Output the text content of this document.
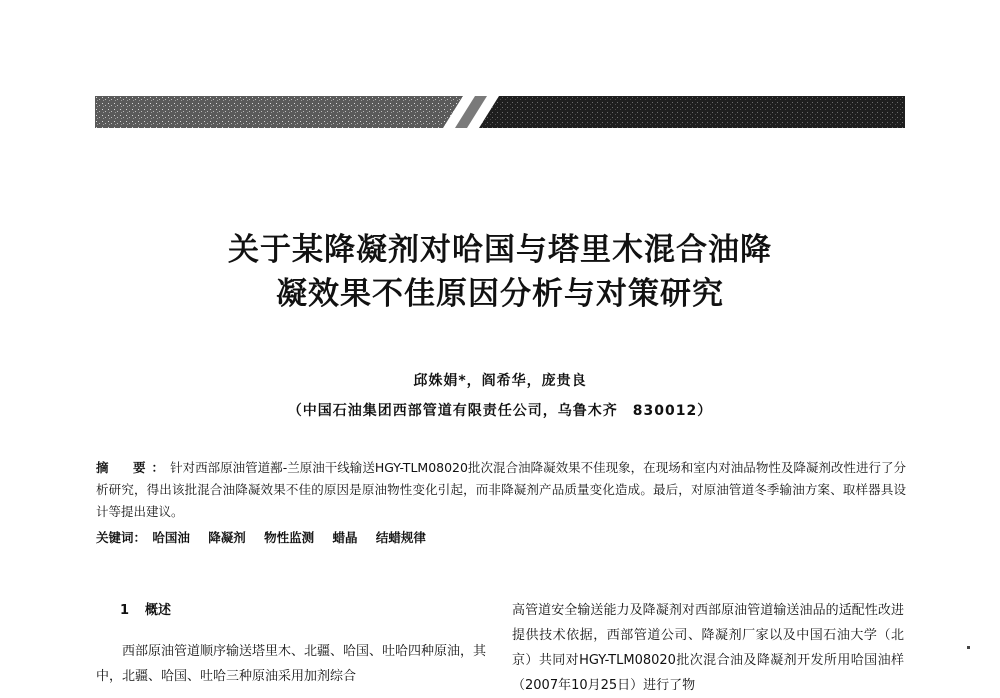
关于某降凝剂对哈国与塔里木混合油降
凝效果不佳原因分析与对策研究
邱姝娟*，阎希华，庞贵良
（中国石油集团西部管道有限责任公司，乌鲁木齐　830012）
摘　要：针对西部原油管道鄯-兰原油干线输送HGY-TLM08020批次混合油降凝效果不佳现象，在现场和室内对油品物性及降凝剂改性进行了分析研究，得出该批混合油降凝效果不佳的原因是原油物性变化引起，而非降凝剂产品质量变化造成。最后，对原油管道冬季输油方案、取样器具设计等提出建议。
关键词： 哈国油 降凝剂 物性监测 蜡晶 结蜡规律
1 概述
西部原油管道顺序输送塔里木、北疆、哈国、吐哈四种原油，其中，北疆、哈国、吐哈三种原油采用加剂综合
高管道安全输送能力及降凝剂对西部原油管道输送油品的适配性改进提供技术依据，西部管道公司、降凝剂厂家以及中国石油大学（北京）共同对HGY-TLM08020批次混合油及降凝剂开发所用哈国油样（2007年10月25日）进行了物
